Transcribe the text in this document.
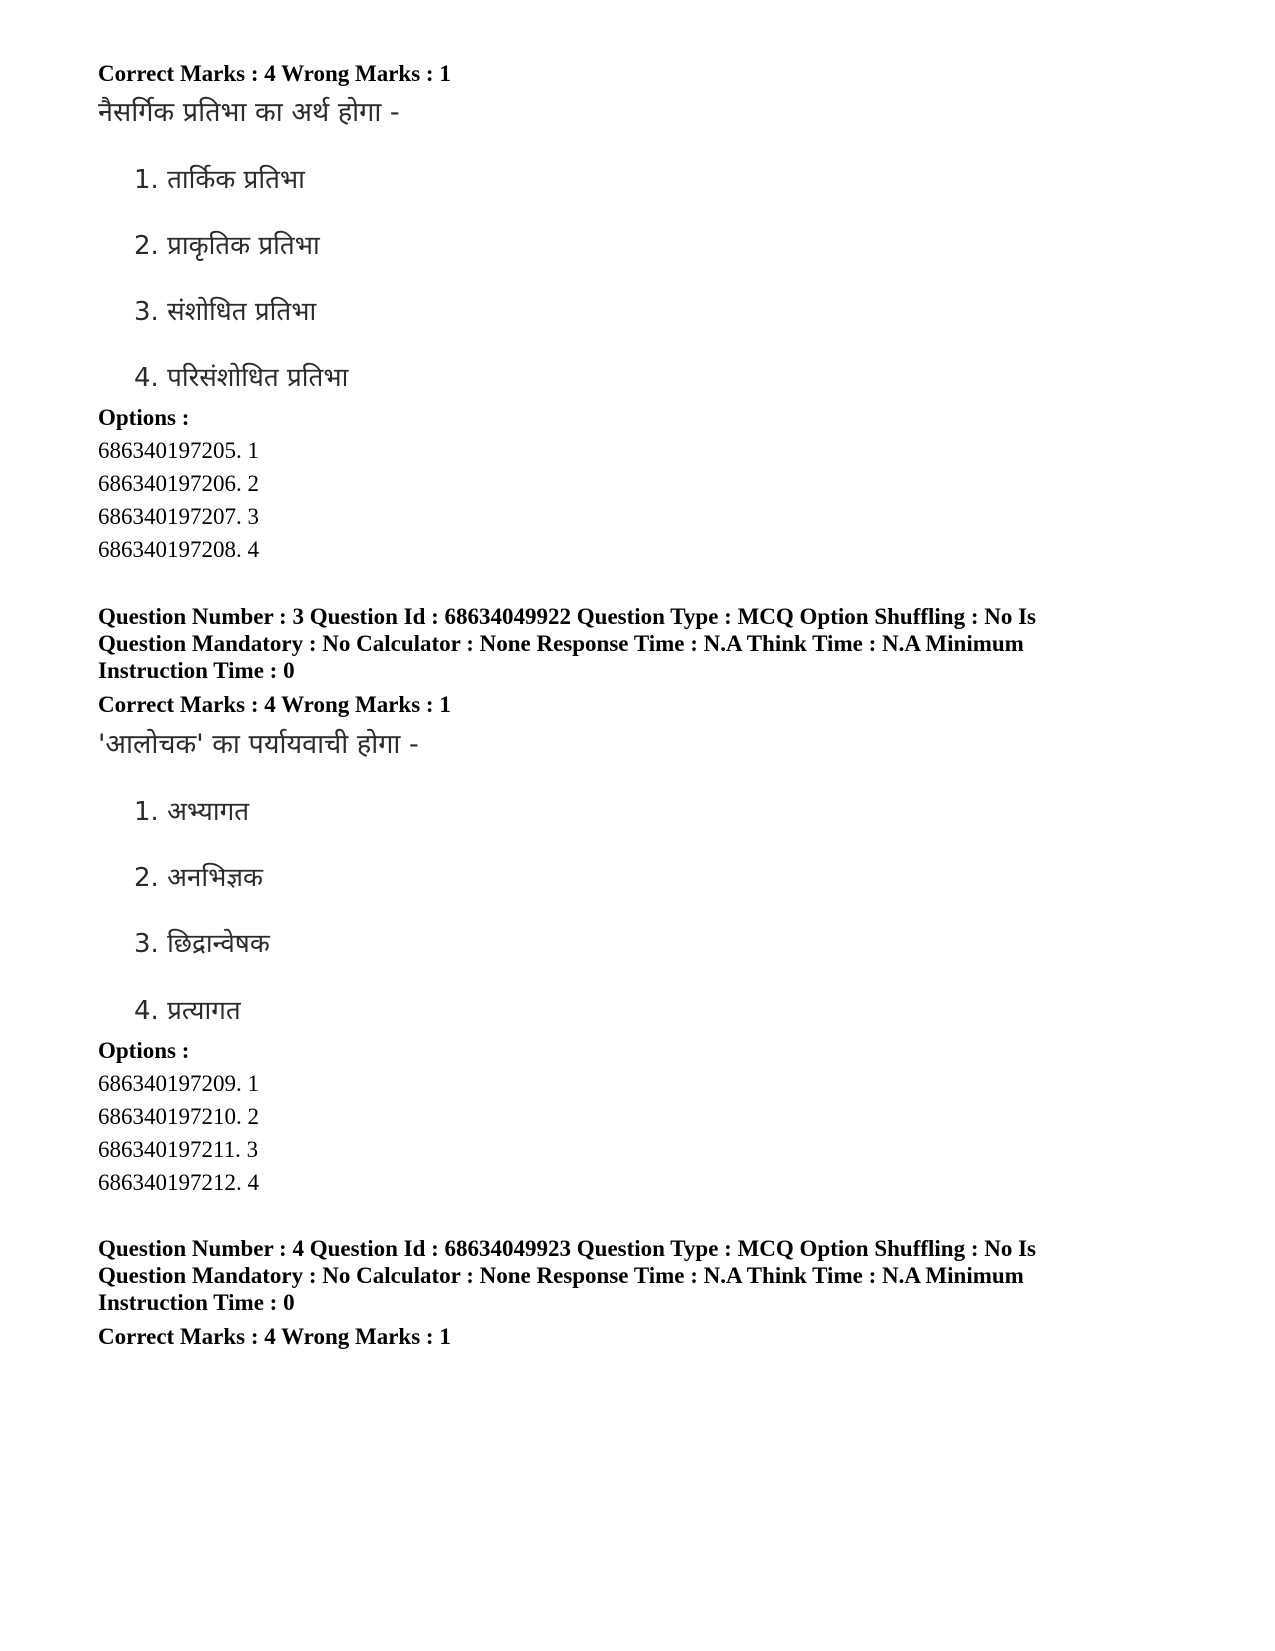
Correct Marks : 4 Wrong Marks : 1
नैसर्गिक प्रतिभा का अर्थ होगा -
1. तार्किक प्रतिभा
2. प्राकृतिक प्रतिभा
3. संशोधित प्रतिभा
4. परिसंशोधित प्रतिभा
Options :
686340197205. 1
686340197206. 2
686340197207. 3
686340197208. 4
Question Number : 3 Question Id : 68634049922 Question Type : MCQ Option Shuffling : No Is
Question Mandatory : No Calculator : None Response Time : N.A Think Time : N.A Minimum
Instruction Time : 0
Correct Marks : 4 Wrong Marks : 1
'आलोचक' का पर्यायवाची होगा -
1. अभ्यागत
2. अनभिज्ञक
3. छिद्रान्वेषक
4. प्रत्यागत
Options :
686340197209. 1
686340197210. 2
686340197211. 3
686340197212. 4
Question Number : 4 Question Id : 68634049923 Question Type : MCQ Option Shuffling : No Is
Question Mandatory : No Calculator : None Response Time : N.A Think Time : N.A Minimum
Instruction Time : 0
Correct Marks : 4 Wrong Marks : 1
